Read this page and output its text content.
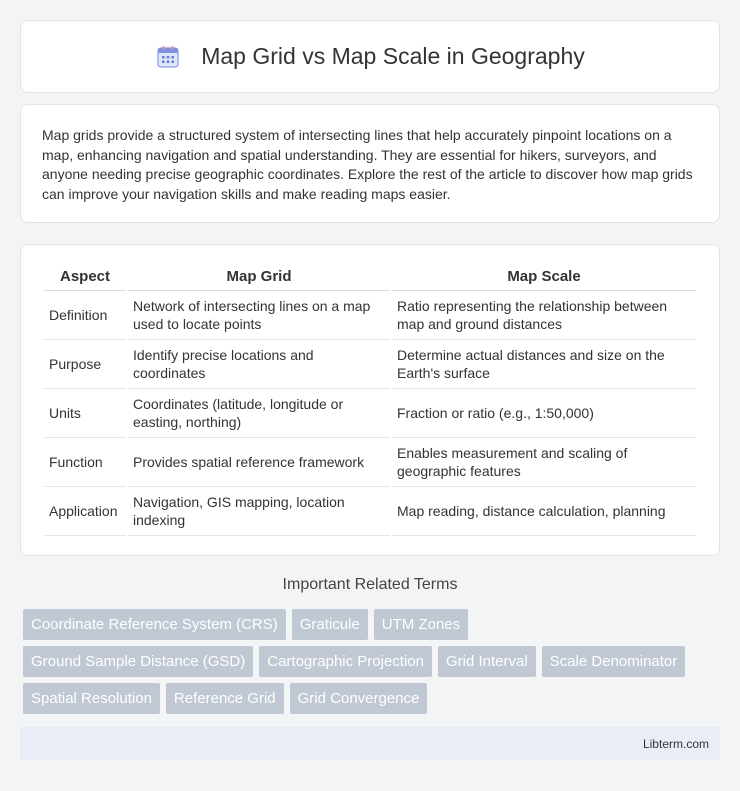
Map Grid vs Map Scale in Geography

Map grids provide a structured system of intersecting lines that help accurately pinpoint locations on a map, enhancing navigation and spatial understanding. They are essential for hikers, surveyors, and anyone needing precise geographic coordinates. Explore the rest of the article to discover how map grids can improve your navigation skills and make reading maps easier.

Aspect	Map Grid	Map Scale
Definition	Network of intersecting lines on a map used to locate points	Ratio representing the relationship between map and ground distances
Purpose	Identify precise locations and coordinates	Determine actual distances and size on the Earth's surface
Units	Coordinates (latitude, longitude or easting, northing)	Fraction or ratio (e.g., 1:50,000)
Function	Provides spatial reference framework	Enables measurement and scaling of geographic features
Application	Navigation, GIS mapping, location indexing	Map reading, distance calculation, planning
Important Related Terms
Coordinate Reference System (CRS)	Graticule	UTM Zones
Ground Sample Distance (GSD)	Cartographic Projection	Grid Interval	Scale Denominator
Spatial Resolution	Reference Grid	Grid Convergence
Libterm.com
